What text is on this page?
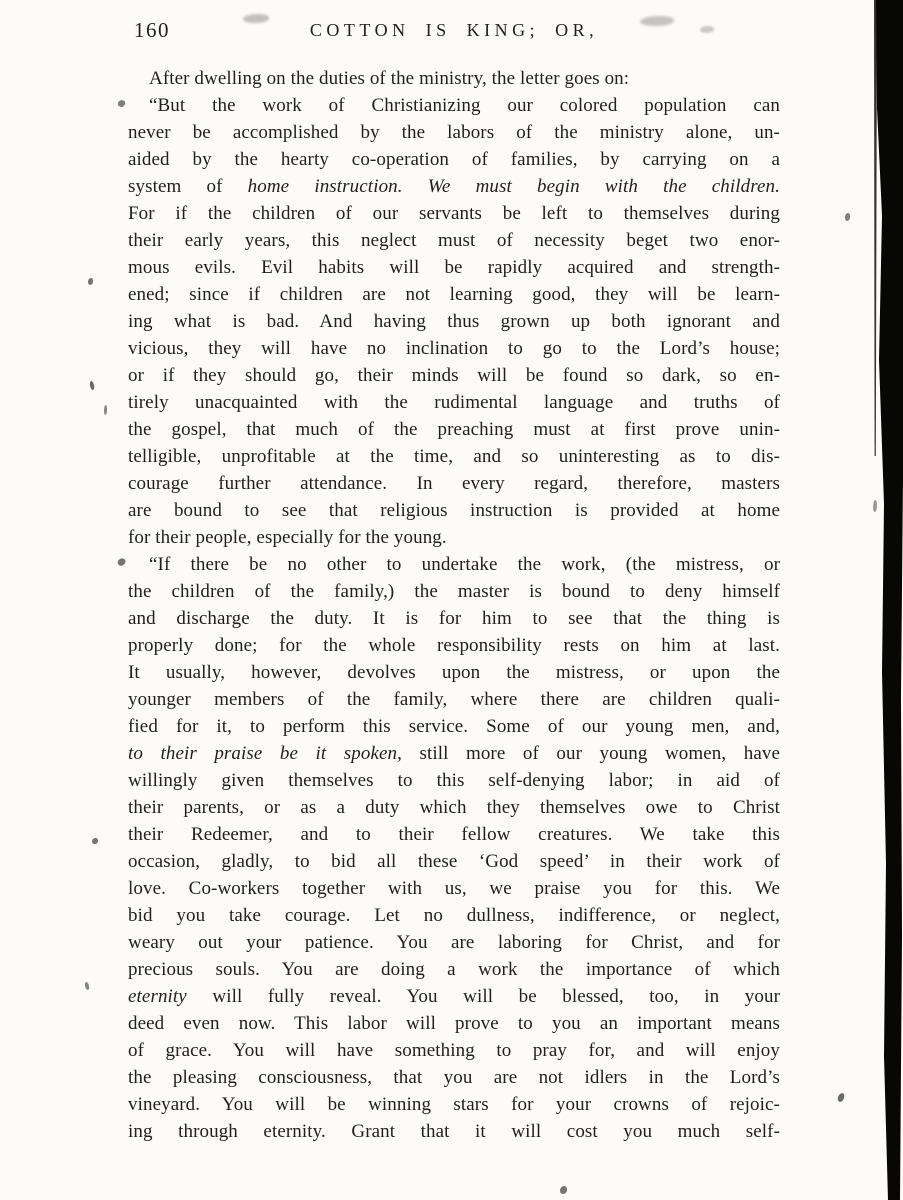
160	COTTON IS KING; OR,
After dwelling on the duties of the ministry, the letter goes on:
“But the work of Christianizing our colored population can
never be accomplished by the labors of the ministry alone, un-
aided by the hearty co-operation of families, by carrying on a
system of home instruction. We must begin with the children.
For if the children of our servants be left to themselves during
their early years, this neglect must of necessity beget two enor-
mous evils. Evil habits will be rapidly acquired and strength-
ened; since if children are not learning good, they will be learn-
ing what is bad. And having thus grown up both ignorant and
vicious, they will have no inclination to go to the Lord’s house;
or if they should go, their minds will be found so dark, so en-
tirely unacquainted with the rudimental language and truths of
the gospel, that much of the preaching must at first prove unin-
telligible, unprofitable at the time, and so uninteresting as to dis-
courage further attendance. In every regard, therefore, masters
are bound to see that religious instruction is provided at home
for their people, especially for the young.
“If there be no other to undertake the work, (the mistress, or
the children of the family,) the master is bound to deny himself
and discharge the duty. It is for him to see that the thing is
properly done; for the whole responsibility rests on him at last.
It usually, however, devolves upon the mistress, or upon the
younger members of the family, where there are children quali-
fied for it, to perform this service. Some of our young men, and,
to their praise be it spoken, still more of our young women, have
willingly given themselves to this self-denying labor; in aid of
their parents, or as a duty which they themselves owe to Christ
their Redeemer, and to their fellow creatures. We take this
occasion, gladly, to bid all these ‘God speed’ in their work of
love. Co-workers together with us, we praise you for this. We
bid you take courage. Let no dullness, indifference, or neglect,
weary out your patience. You are laboring for Christ, and for
precious souls. You are doing a work the importance of which
eternity will fully reveal. You will be blessed, too, in your
deed even now. This labor will prove to you an important means
of grace. You will have something to pray for, and will enjoy
the pleasing consciousness, that you are not idlers in the Lord’s
vineyard. You will be winning stars for your crowns of rejoic-
ing through eternity. Grant that it will cost you much self-
